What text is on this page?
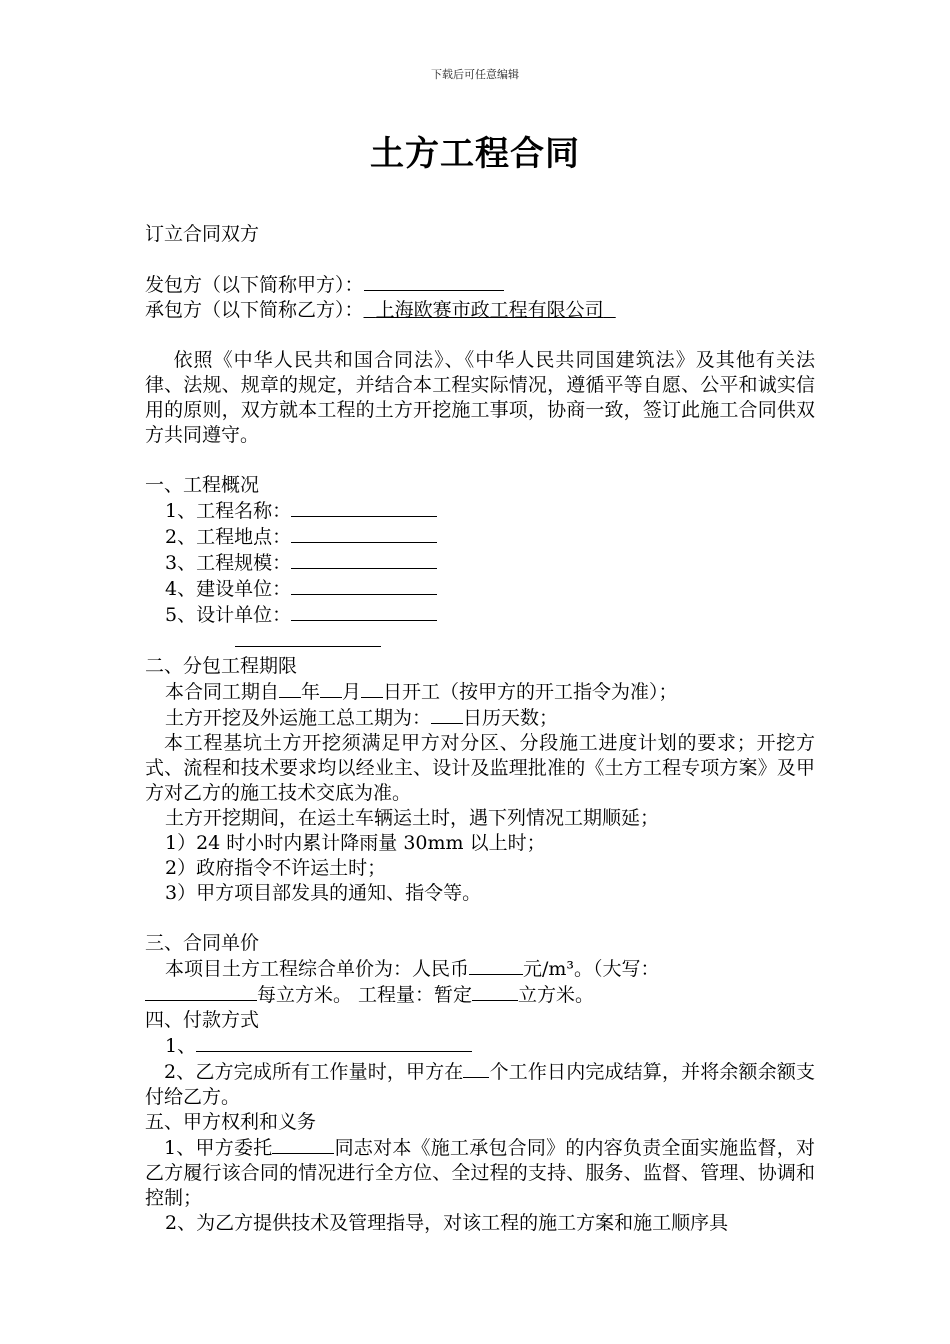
下载后可任意编辑
土方工程合同
订立合同双方
发包方（以下简称甲方）：
承包方（以下简称乙方）： 上海欧赛市政工程有限公司
依照《中华人民共和国合同法》、《中华人民共同国建筑法》及其他有关法律、法规、规章的规定，并结合本工程实际情况，遵循平等自愿、公平和诚实信用的原则，双方就本工程的土方开挖施工事项，协商一致，签订此施工合同供双方共同遵守。
一、工程概况
1、工程名称：
2、工程地点：
3、工程规模：
4、建设单位：
5、设计单位：
二、分包工程期限
本合同工期自 年 月 日开工（按甲方的开工指令为准）；
土方开挖及外运施工总工期为： 日历天数；
本工程基坑土方开挖须满足甲方对分区、分段施工进度计划的要求；开挖方式、流程和技术要求均以经业主、设计及监理批准的《土方工程专项方案》及甲方对乙方的施工技术交底为准。
土方开挖期间，在运土车辆运土时，遇下列情况工期顺延；
1）24 时小时内累计降雨量 30mm 以上时；
2）政府指令不许运土时；
3）甲方项目部发具的通知、指令等。
三、合同单价
本项目土方工程综合单价为：人民币	元/m³。（大写：
每立方米。 工程量：暂定 立方米。
四、付款方式
1、
2、乙方完成所有工作量时，甲方在 个工作日内完成结算，并将余额余额支付给乙方。
五、甲方权利和义务
1、甲方委托	同志对本《施工承包合同》的内容负责全面实施监督，对乙方履行该合同的情况进行全方位、全过程的支持、服务、监督、管理、协调和控制；
2、为乙方提供技术及管理指导，对该工程的施工方案和施工顺序具
